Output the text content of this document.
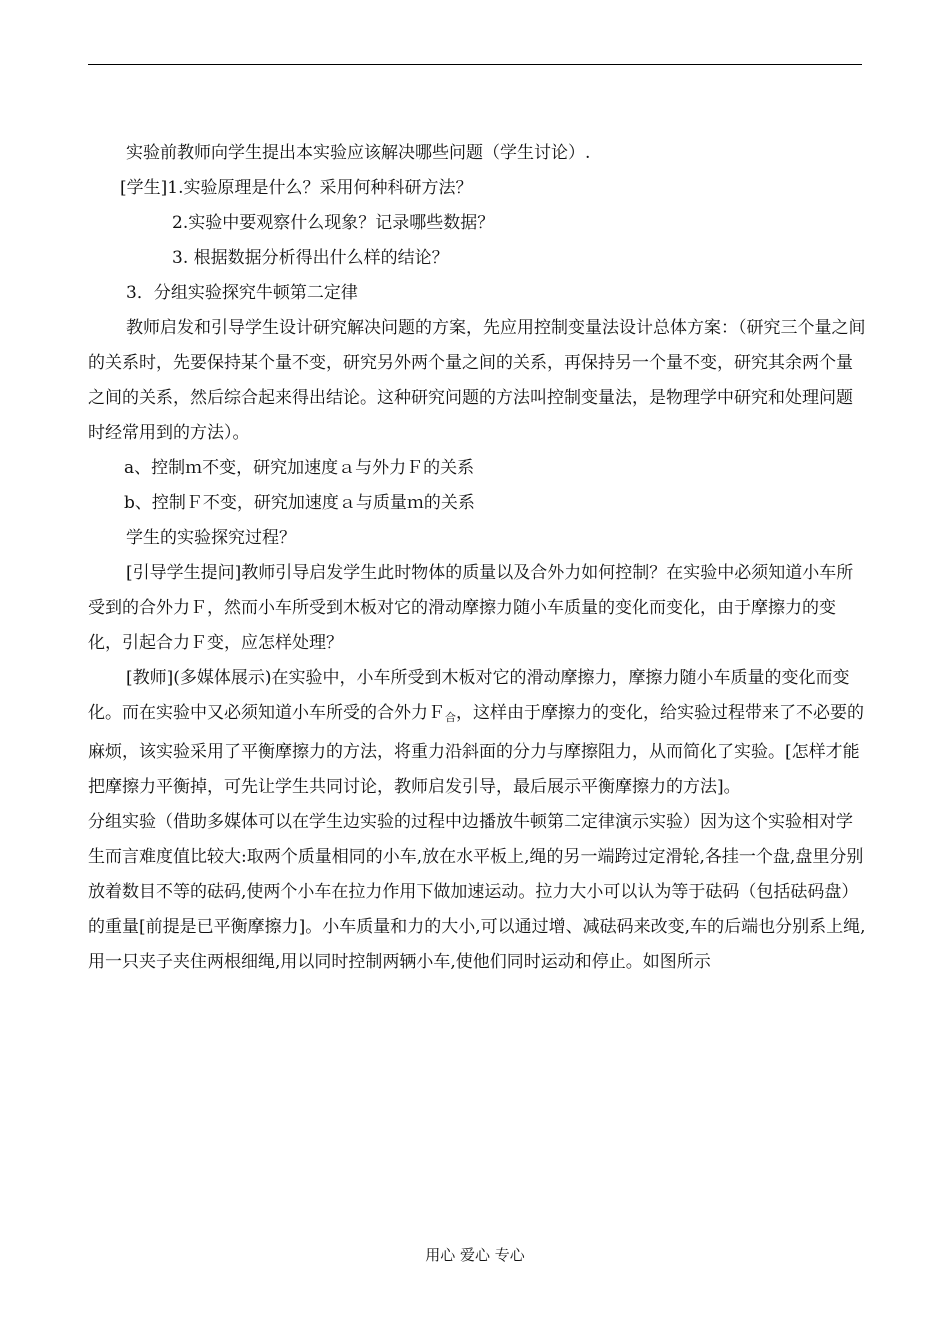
实验前教师向学生提出本实验应该解决哪些问题（学生讨论）.

[学生]1.实验原理是什么？采用何种科研方法？

2.实验中要观察什么现象？记录哪些数据？

3. 根据数据分析得出什么样的结论？

3．分组实验探究牛顿第二定律

教师启发和引导学生设计研究解决问题的方案，先应用控制变量法设计总体方案：（研究三个量之间的关系时，先要保持某个量不变，研究另外两个量之间的关系，再保持另一个量不变，研究其余两个量之间的关系，然后综合起来得出结论。这种研究问题的方法叫控制变量法，是物理学中研究和处理问题时经常用到的方法）。

a、控制ｍ不变，研究加速度ａ与外力Ｆ的关系

b、控制Ｆ不变，研究加速度ａ与质量ｍ的关系

学生的实验探究过程？

[引导学生提问]教师引导启发学生此时物体的质量以及合外力如何控制？在实验中必须知道小车所受到的合外力Ｆ，然而小车所受到木板对它的滑动摩擦力随小车质量的变化而变化，由于摩擦力的变化，引起合力Ｆ变，应怎样处理？

[教师](多媒体展示)在实验中，小车所受到木板对它的滑动摩擦力，摩擦力随小车质量的变化而变化。而在实验中又必须知道小车所受的合外力Ｆ$_合$，这样由于摩擦力的变化，给实验过程带来了不必要的麻烦，该实验采用了平衡摩擦力的方法，将重力沿斜面的分力与摩擦阻力，从而简化了实验。[怎样才能把摩擦力平衡掉，可先让学生共同讨论，教师启发引导，最后展示平衡摩擦力的方法]。

分组实验（借助多媒体可以在学生边实验的过程中边播放牛顿第二定律演示实验）因为这个实验相对学生而言难度值比较大:取两个质量相同的小车,放在水平板上,绳的另一端跨过定滑轮,各挂一个盘,盘里分别放着数目不等的砝码,使两个小车在拉力作用下做加速运动。拉力大小可以认为等于砝码（包括砝码盘）的重量[前提是已平衡摩擦力]。小车质量和力的大小,可以通过增、减砝码来改变,车的后端也分别系上绳,用一只夹子夹住两根细绳,用以同时控制两辆小车,使他们同时运动和停止。如图所示

用心 爱心 专心
